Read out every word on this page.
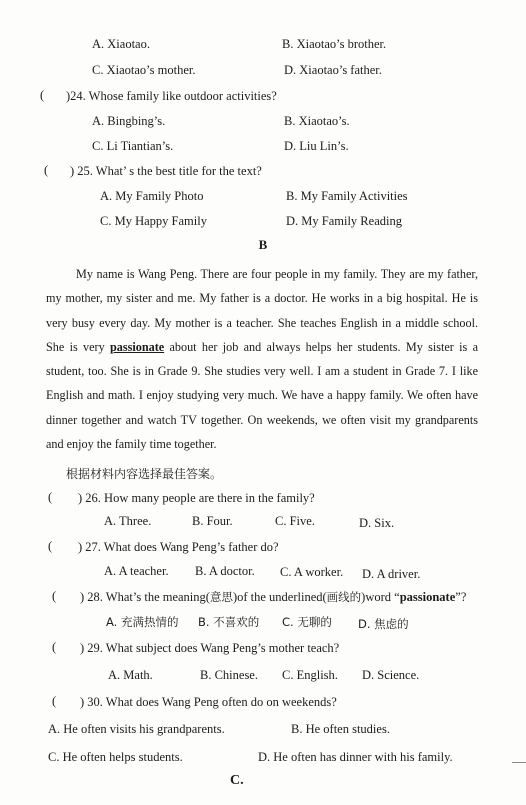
A. Xiaotao.	B. Xiaotao’s brother.
C. Xiaotao’s mother.	D. Xiaotao’s father.
( )24. Whose family like outdoor activities?
A. Bingbing’s.	B. Xiaotao’s.
C. Li Tiantian’s.	D. Liu Lin’s.
( ) 25. What’ s the best title for the text?
A. My Family Photo	B. My Family Activities
C. My Happy Family	D. My Family Reading
B

My name is Wang Peng. There are four people in my family. They are my father, my mother, my sister and me. My father is a doctor. He works in a big hospital. He is very busy every day. My mother is a teacher. She teaches English in a middle school. She is very passionate about her job and always helps her students. My sister is a student, too. She is in Grade 9. She studies very well. I am a student in Grade 7. I like English and math. I enjoy studying very much. We have a happy family. We often have dinner together and watch TV together. On weekends, we often visit my grandparents and enjoy the family time together.

根据材料内容选择最佳答案。
( ) 26. How many people are there in the family?
A. Three.	B. Four.	C. Five.	D. Six.
( ) 27. What does Wang Peng’s father do?
A. A teacher. B. A doctor. C. A worker. D. A driver.
( ) 28. What’s the meaning(意思)of the underlined(画线的)word “passionate”?
A. 充满热情的 B. 不喜欢的 C. 无聊的 D. 焦虑的
( ) 29. What subject does Wang Peng’s mother teach?
A. Math.	B. Chinese. C. English. D. Science.
( ) 30. What does Wang Peng often do on weekends?
A. He often visits his grandparents.	B. He often studies.
C. He often helps students.	D. He often has dinner with his family.
C.
